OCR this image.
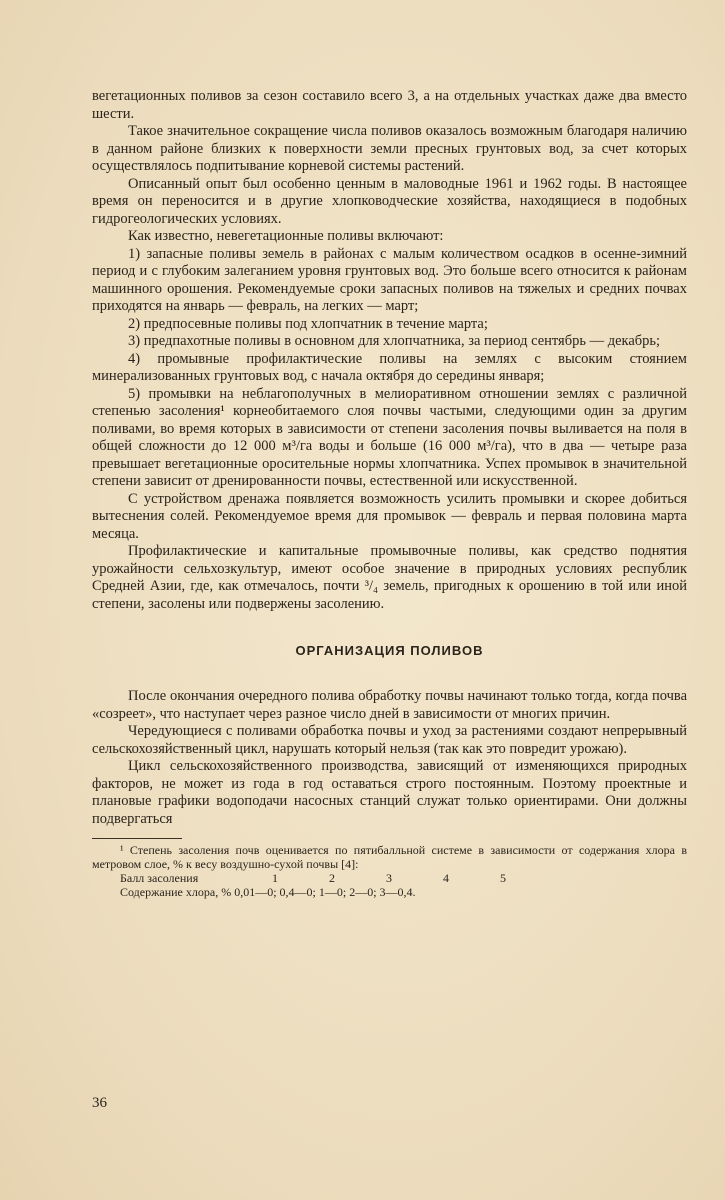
вегетационных поливов за сезон составило всего 3, а на отдельных участках даже два вместо шести.

Такое значительное сокращение числа поливов оказалось возможным благодаря наличию в данном районе близких к поверхности земли пресных грунтовых вод, за счет которых осуществлялось подпитывание корневой системы растений.

Описанный опыт был особенно ценным в маловодные 1961 и 1962 годы. В настоящее время он переносится и в другие хлопководческие хозяйства, находящиеся в подобных гидрогеологических условиях.

Как известно, невегетационные поливы включают:

1) запасные поливы земель в районах с малым количеством осадков в осенне-зимний период и с глубоким залеганием уровня грунтовых вод. Это больше всего относится к районам машинного орошения. Рекомендуемые сроки запасных поливов на тяжелых и средних почвах приходятся на январь — февраль, на легких — март;

2) предпосевные поливы под хлопчатник в течение марта;

3) предпахотные поливы в основном для хлопчатника, за период сентябрь — декабрь;

4) промывные профилактические поливы на землях с высоким стоянием минерализованных грунтовых вод, с начала октября до середины января;

5) промывки на неблагополучных в мелиоративном отношении землях с различной степенью засоления¹ корнеобитаемого слоя почвы частыми, следующими один за другим поливами, во время которых в зависимости от степени засоления почвы выливается на поля в общей сложности до 12 000 м³/га воды и больше (16 000 м³/га), что в два — четыре раза превышает вегетационные оросительные нормы хлопчатника. Успех промывок в значительной степени зависит от дренированности почвы, естественной или искусственной.

С устройством дренажа появляется возможность усилить промывки и скорее добиться вытеснения солей. Рекомендуемое время для промывок — февраль и первая половина марта месяца.

Профилактические и капитальные промывочные поливы, как средство поднятия урожайности сельхозкультур, имеют особое значение в природных условиях республик Средней Азии, где, как отмечалось, почти ³/₄ земель, пригодных к орошению в той или иной степени, засолены или подвержены засолению.

ОРГАНИЗАЦИЯ ПОЛИВОВ

После окончания очередного полива обработку почвы начинают только тогда, когда почва «созреет», что наступает через разное число дней в зависимости от многих причин.

Чередующиеся с поливами обработка почвы и уход за растениями создают непрерывный сельскохозяйственный цикл, нарушать который нельзя (так как это повредит урожаю).

Цикл сельскохозяйственного производства, зависящий от изменяющихся природных факторов, не может из года в год оставаться строго постоянным. Поэтому проектные и плановые графики водоподачи насосных станций служат только ориентирами. Они должны подвергаться

¹ Степень засоления почв оценивается по пятибалльной системе в зависимости от содержания хлора в метровом слое, % к весу воздушно-сухой почвы [4]:

Балл засоления	1	2	3	4	5
Содержание хлора, % 0,01—0; 0,4—0; 1—0; 2—0; 3—0,4.
36
